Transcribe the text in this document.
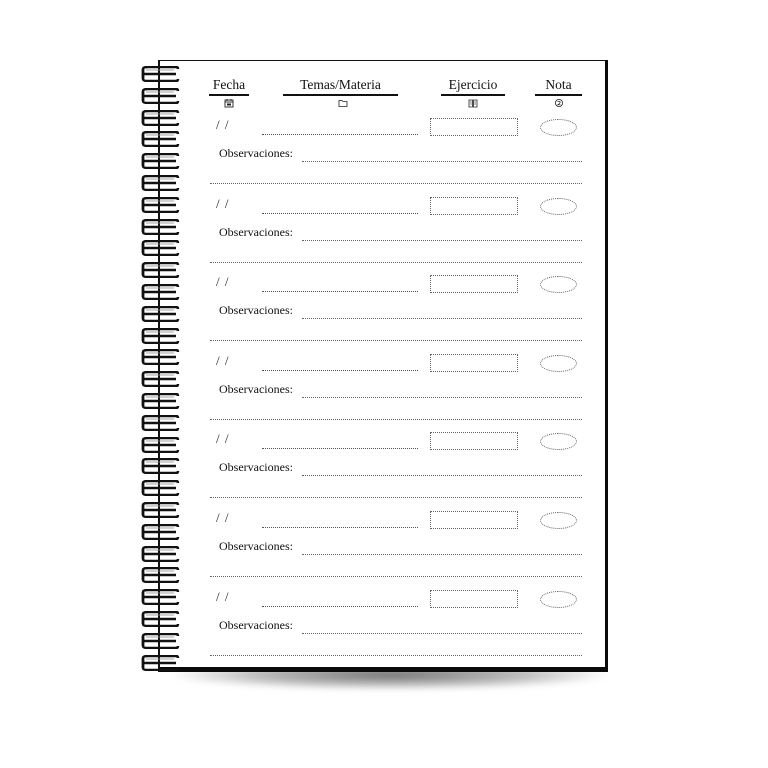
Fecha	Temas/Materia	Ejercicio	Nota
/ /
Observaciones:
/ /
Observaciones:
/ /
Observaciones:
/ /
Observaciones:
/ /
Observaciones:
/ /
Observaciones:
/ /
Observaciones:
